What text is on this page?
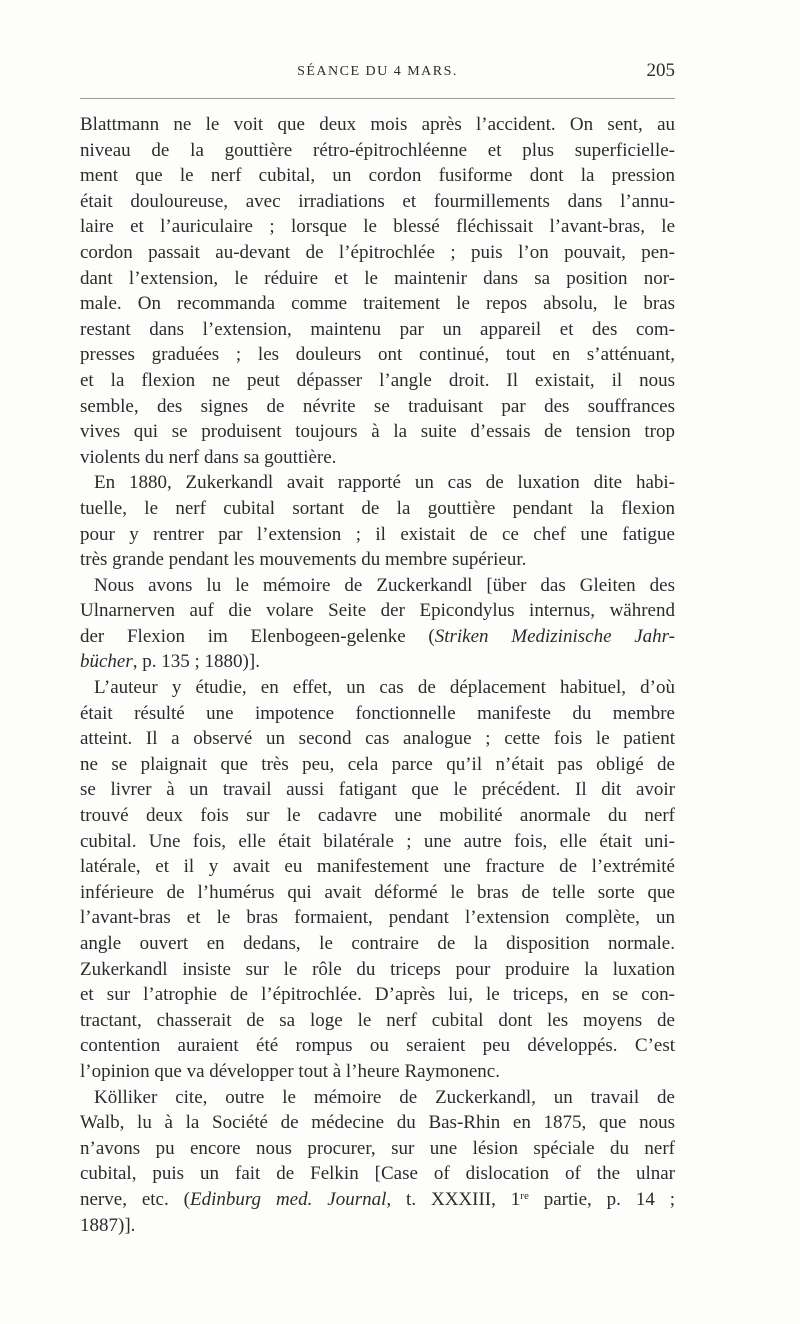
SÉANCE DU 4 MARS.	205
Blattmann ne le voit que deux mois après l’accident. On sent, au
niveau de la gouttière rétro-épitrochléenne et plus superficielle-
ment que le nerf cubital, un cordon fusiforme dont la pression
était douloureuse, avec irradiations et fourmillements dans l’annu-
laire et l’auriculaire ; lorsque le blessé fléchissait l’avant-bras, le
cordon passait au-devant de l’épitrochlée ; puis l’on pouvait, pen-
dant l’extension, le réduire et le maintenir dans sa position nor-
male. On recommanda comme traitement le repos absolu, le bras
restant dans l’extension, maintenu par un appareil et des com-
presses graduées ; les douleurs ont continué, tout en s’atténuant,
et la flexion ne peut dépasser l’angle droit. Il existait, il nous
semble, des signes de névrite se traduisant par des souffrances
vives qui se produisent toujours à la suite d’essais de tension trop
violents du nerf dans sa gouttière.
En 1880, Zukerkandl avait rapporté un cas de luxation dite habi-
tuelle, le nerf cubital sortant de la gouttière pendant la flexion
pour y rentrer par l’extension ; il existait de ce chef une fatigue
très grande pendant les mouvements du membre supérieur.
Nous avons lu le mémoire de Zuckerkandl [über das Gleiten des
Ulnarnerven auf die volare Seite der Epicondylus internus, während
der Flexion im Elenbogeen-gelenke (Striken Medizinische Jahr-
bücher, p. 135 ; 1880)].
L’auteur y étudie, en effet, un cas de déplacement habituel, d’où
était résulté une impotence fonctionnelle manifeste du membre
atteint. Il a observé un second cas analogue ; cette fois le patient
ne se plaignait que très peu, cela parce qu’il n’était pas obligé de
se livrer à un travail aussi fatigant que le précédent. Il dit avoir
trouvé deux fois sur le cadavre une mobilité anormale du nerf
cubital. Une fois, elle était bilatérale ; une autre fois, elle était uni-
latérale, et il y avait eu manifestement une fracture de l’extrémité
inférieure de l’humérus qui avait déformé le bras de telle sorte que
l’avant-bras et le bras formaient, pendant l’extension complète, un
angle ouvert en dedans, le contraire de la disposition normale.
Zukerkandl insiste sur le rôle du triceps pour produire la luxation
et sur l’atrophie de l’épitrochlée. D’après lui, le triceps, en se con-
tractant, chasserait de sa loge le nerf cubital dont les moyens de
contention auraient été rompus ou seraient peu développés. C’est
l’opinion que va développer tout à l’heure Raymonenc.
Kölliker cite, outre le mémoire de Zuckerkandl, un travail de
Walb, lu à la Société de médecine du Bas-Rhin en 1875, que nous
n’avons pu encore nous procurer, sur une lésion spéciale du nerf
cubital, puis un fait de Felkin [Case of dislocation of the ulnar
nerve, etc. (Edinburg med. Journal, t. XXXIII, 1re partie, p. 14 ;
1887)].
